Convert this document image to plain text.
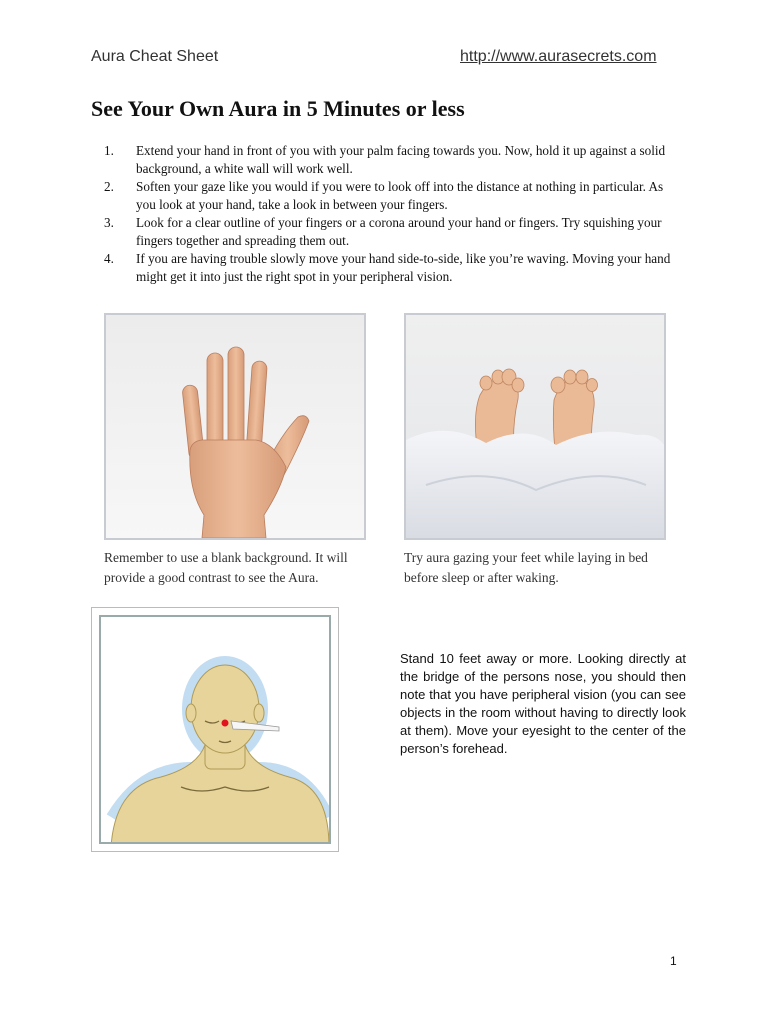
Aura Cheat Sheet	http://www.aurasecrets.com
See Your Own Aura in 5 Minutes or less
1. Extend your hand in front of you with your palm facing towards you. Now, hold it up against a solid background, a white wall will work well.
2. Soften your gaze like you would if you were to look off into the distance at nothing in particular. As you look at your hand, take a look in between your fingers.
3. Look for a clear outline of your fingers or a corona around your hand or fingers. Try squishing your fingers together and spreading them out.
4. If you are having trouble slowly move your hand side-to-side, like you’re waving. Moving your hand might get it into just the right spot in your peripheral vision.
Remember to use a blank background. It will provide a good contrast to see the Aura.
Try aura gazing your feet while laying in bed before sleep or after waking.
Stand 10 feet away or more. Looking directly at the bridge of the persons nose, you should then note that you have peripheral vision (you can see objects in the room without having to directly look at them). Move your eyesight to the center of the person’s forehead.
1
